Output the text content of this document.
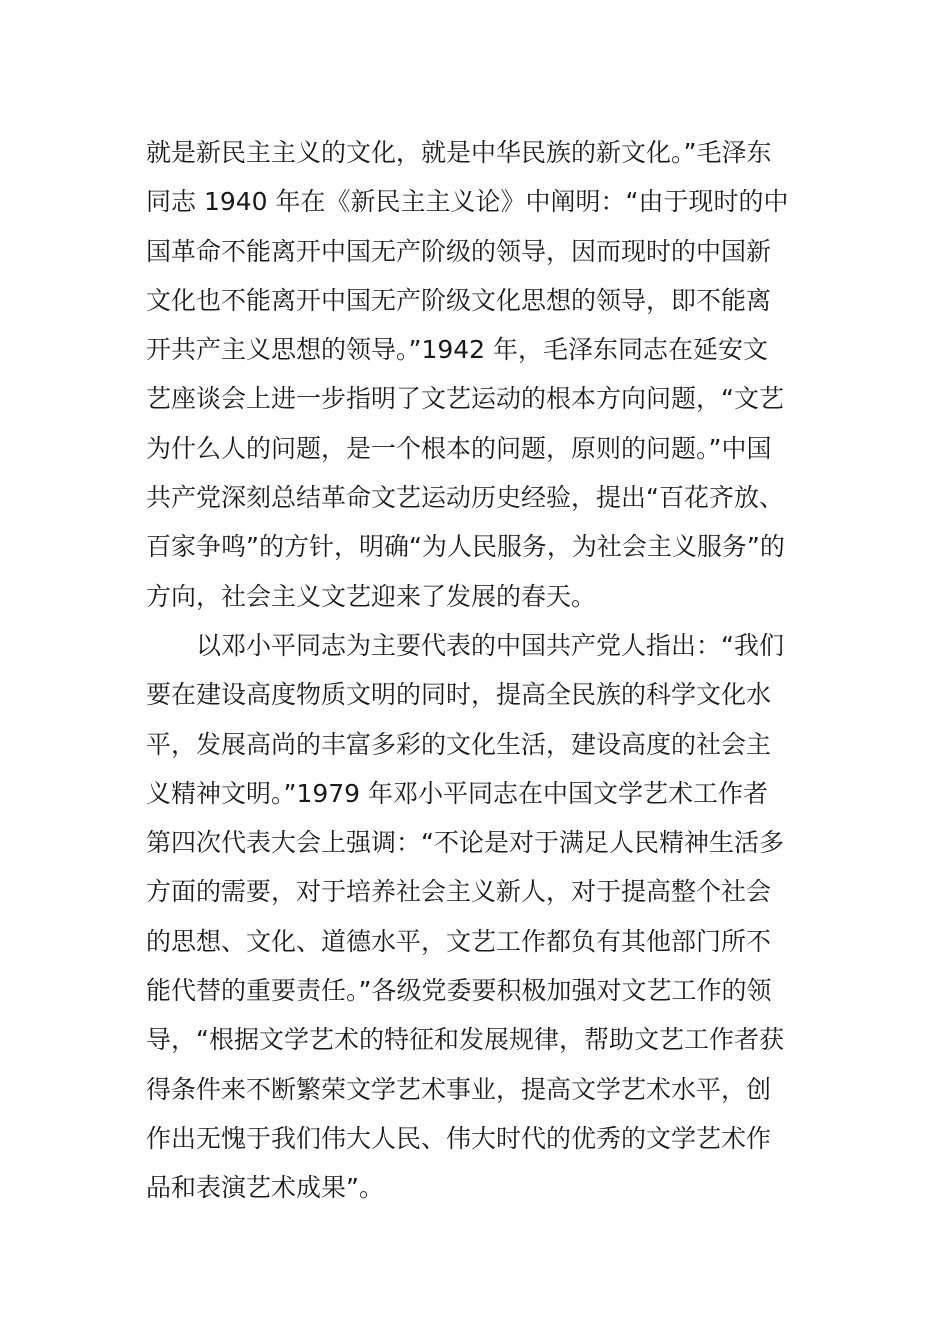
就是新民主主义的文化，就是中华民族的新文化。”毛泽东
同志 1940 年在《新民主主义论》中阐明：“由于现时的中
国革命不能离开中国无产阶级的领导，因而现时的中国新
文化也不能离开中国无产阶级文化思想的领导，即不能离
开共产主义思想的领导。”1942 年，毛泽东同志在延安文
艺座谈会上进一步指明了文艺运动的根本方向问题，“文艺
为什么人的问题，是一个根本的问题，原则的问题。”中国
共产党深刻总结革命文艺运动历史经验，提出“百花齐放、
百家争鸣”的方针，明确“为人民服务，为社会主义服务”的
方向，社会主义文艺迎来了发展的春天。
以邓小平同志为主要代表的中国共产党人指出：“我们
要在建设高度物质文明的同时，提高全民族的科学文化水
平，发展高尚的丰富多彩的文化生活，建设高度的社会主
义精神文明。”1979 年邓小平同志在中国文学艺术工作者
第四次代表大会上强调：“不论是对于满足人民精神生活多
方面的需要，对于培养社会主义新人，对于提高整个社会
的思想、文化、道德水平，文艺工作都负有其他部门所不
能代替的重要责任。”各级党委要积极加强对文艺工作的领
导，“根据文学艺术的特征和发展规律，帮助文艺工作者获
得条件来不断繁荣文学艺术事业，提高文学艺术水平，创
作出无愧于我们伟大人民、伟大时代的优秀的文学艺术作
品和表演艺术成果”。
